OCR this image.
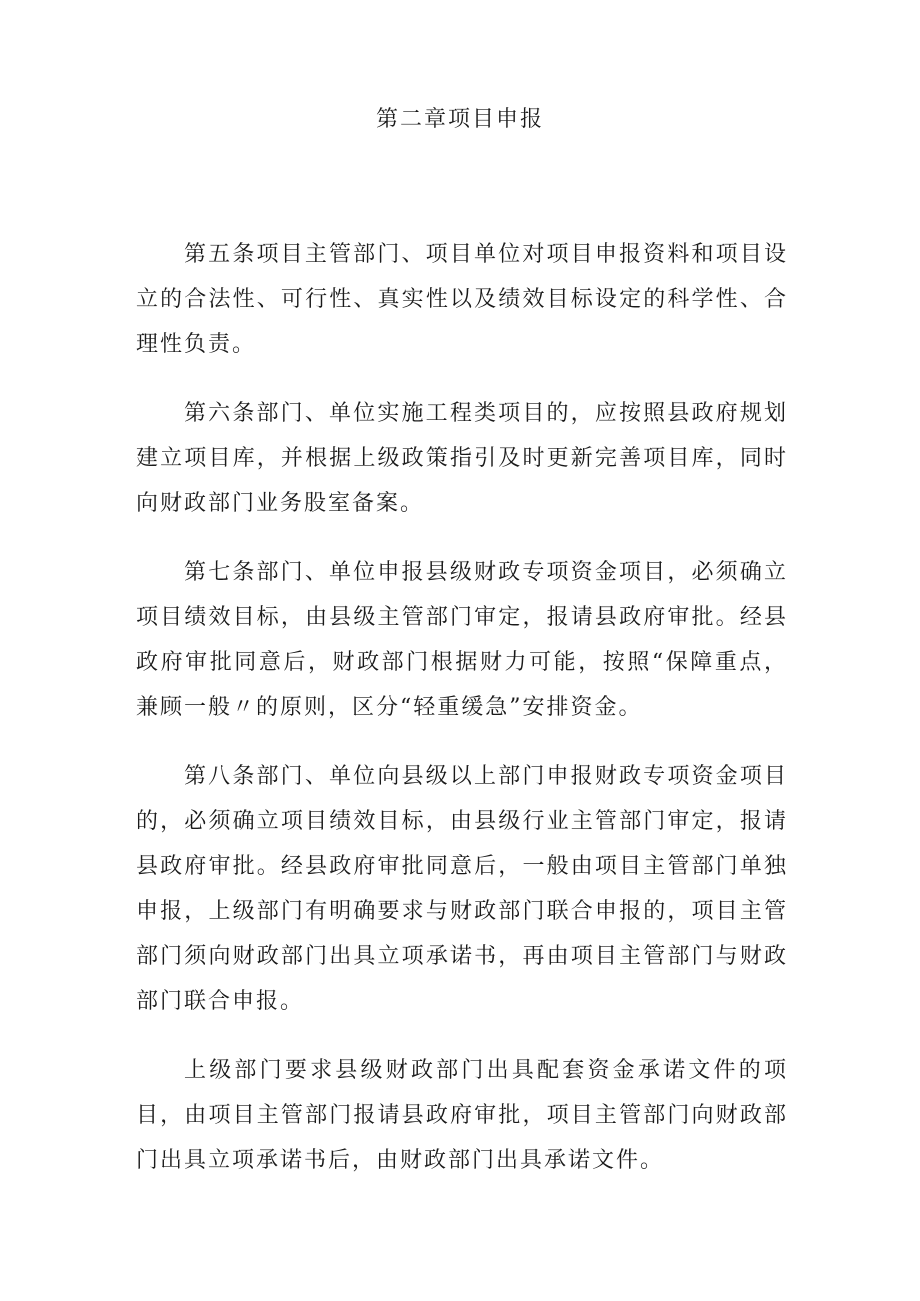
第二章项目申报

第五条项目主管部门、项目单位对项目申报资料和项目设立的合法性、可行性、真实性以及绩效目标设定的科学性、合理性负责。

第六条部门、单位实施工程类项目的，应按照县政府规划建立项目库，并根据上级政策指引及时更新完善项目库，同时向财政部门业务股室备案。

第七条部门、单位申报县级财政专项资金项目，必须确立项目绩效目标，由县级主管部门审定，报请县政府审批。经县政府审批同意后，财政部门根据财力可能，按照“保障重点，兼顾一般〃的原则，区分“轻重缓急”安排资金。

第八条部门、单位向县级以上部门申报财政专项资金项目的，必须确立项目绩效目标，由县级行业主管部门审定，报请县政府审批。经县政府审批同意后，一般由项目主管部门单独申报，上级部门有明确要求与财政部门联合申报的，项目主管部门须向财政部门出具立项承诺书，再由项目主管部门与财政部门联合申报。

上级部门要求县级财政部门出具配套资金承诺文件的项目，由项目主管部门报请县政府审批，项目主管部门向财政部门出具立项承诺书后，由财政部门出具承诺文件。
